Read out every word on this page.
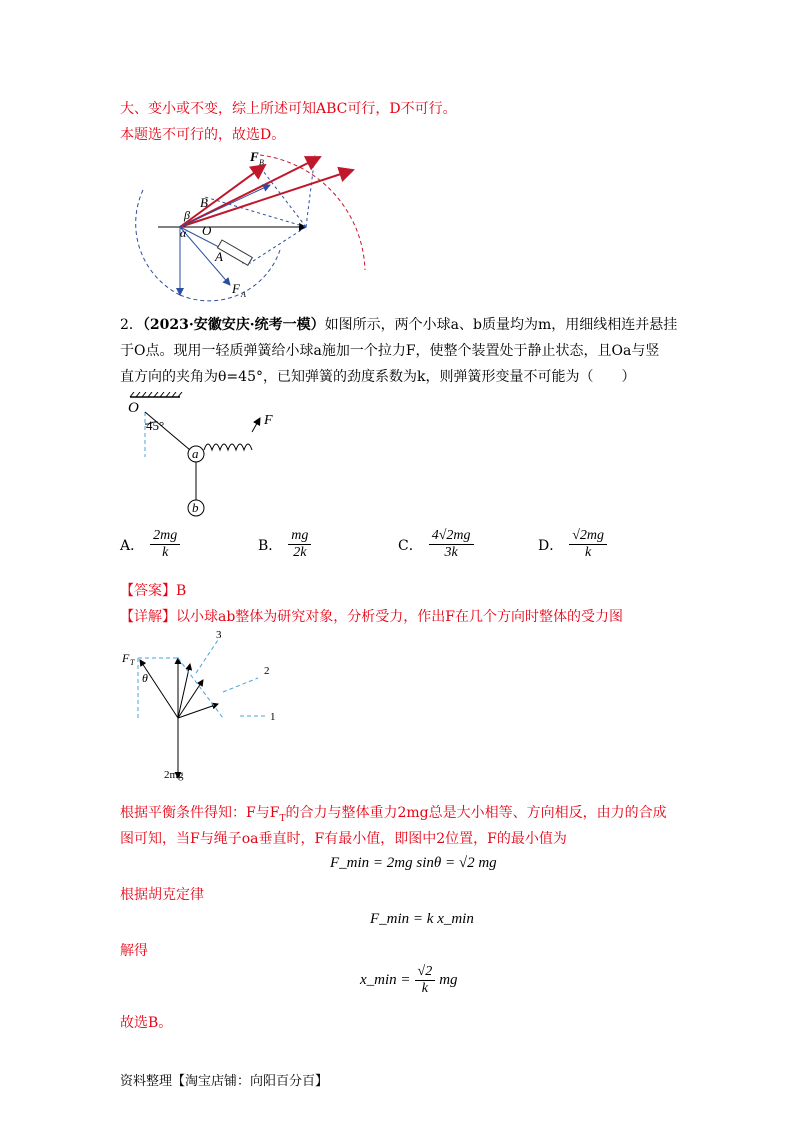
大、变小或不变，综上所述可知ABC可行，D不可行。
本题选不可行的，故选D。
F B
B
β
α O
A
F A
2．（2023·安徽安庆·统考一模）如图所示，两个小球a、b质量均为m，用细线相连并悬挂
于O点。现用一轻质弹簧给小球a施加一个拉力F，使整个装置处于静止状态，且Oa与竖
直方向的夹角为θ=45°，已知弹簧的劲度系数为k，则弹簧形变量不可能为（　　）
O
45°	F
a
b
A． $\frac{2mg}{k}$	B． $\frac{mg}{2k}$	C． $\frac{4√2mg}{3k}$	D． $\frac{√2mg}{k}$
【答案】B
【详解】以小球ab整体为研究对象，分析受力，作出F在几个方向时整体的受力图
F T
θ
3
2
1
2mg
根据平衡条件得知：F与$F_T$的合力与整体重力2mg总是大小相等、方向相反，由力的合成
图可知，当F与绳子oa垂直时，F有最小值，即图中2位置，F的最小值为
F_min = 2mg sinθ = √2 mg
根据胡克定律
F_min = k x_min
解得
x_min = $\frac{√2}{k}$ mg
故选B。
资料整理【淘宝店铺：向阳百分百】
